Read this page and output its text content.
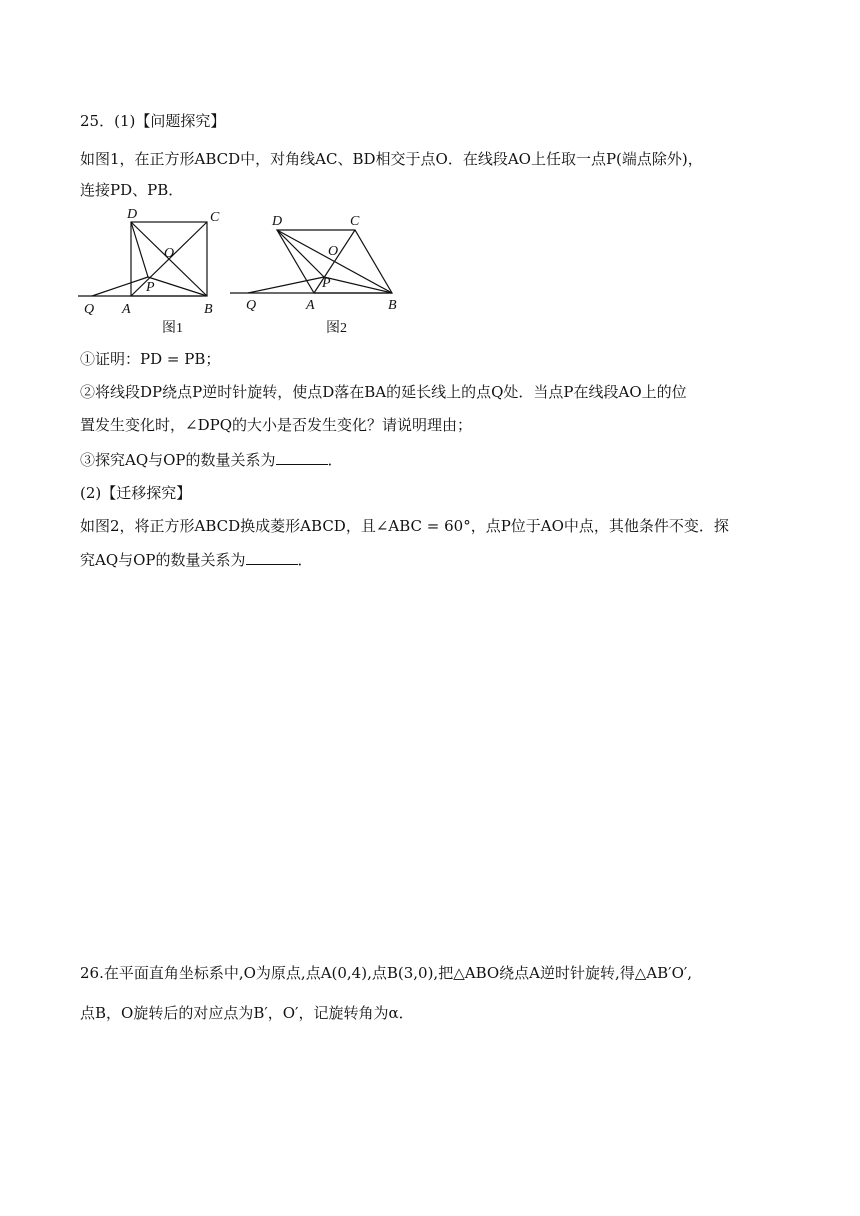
25．(1)【问题探究】
如图1，在正方形ABCD中，对角线AC、BD相交于点O．在线段AO上任取一点P(端点除外)，
连接PD、PB．
D	C
O
P
Q A	B
图1
D	C
O
P
Q	A	B
图2
①证明：PD = PB；
②将线段DP绕点P逆时针旋转，使点D落在BA的延长线上的点Q处．当点P在线段AO上的位
置发生变化时，∠DPQ的大小是否发生变化？请说明理由；
③探究AQ与OP的数量关系为	．
(2)【迁移探究】
如图2，将正方形ABCD换成菱形ABCD，且∠ABC = 60°，点P位于AO中点，其他条件不变．探
究AQ与OP的数量关系为	．
26.在平面直角坐标系中,O为原点,点A(0,4),点B(3,0),把△ABO绕点A逆时针旋转,得△AB′O′,
点B，O旋转后的对应点为B′，O′，记旋转角为α．
